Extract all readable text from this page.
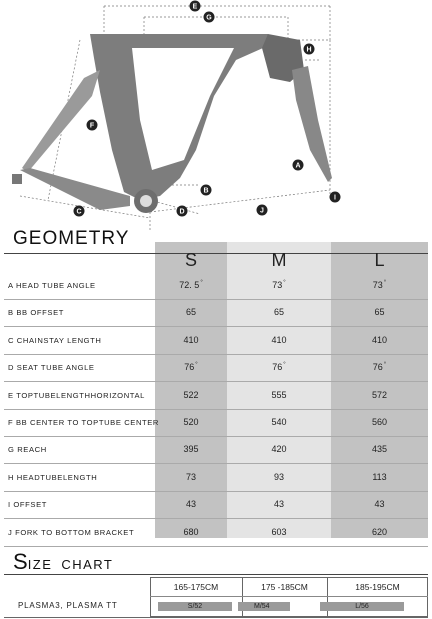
E
G
H
F
A
B
C	D	J
I
GEOMETRY
S	M	L
A HEAD TUBE ANGLE	72. 5°	73°	73°
B BB OFFSET	65	65	65
C CHAINSTAY LENGTH	410	410	410
D SEAT TUBE ANGLE	76°	76°	76°
E TOPTUBELENGTHHORIZONTAL	522	555	572
F BB CENTER TO TOPTUBE CENTER	520	540	560
G REACH	395	420	435
H HEADTUBELENGTH	73	93	113
I OFFSET	43	43	43
J FORK TO BOTTOM BRACKET	680	603	620
SIZE CHART
165-175CM	175 -185CM	185-195CM
PLASMA3, PLASMA TT	S/52	M/54	L/56
